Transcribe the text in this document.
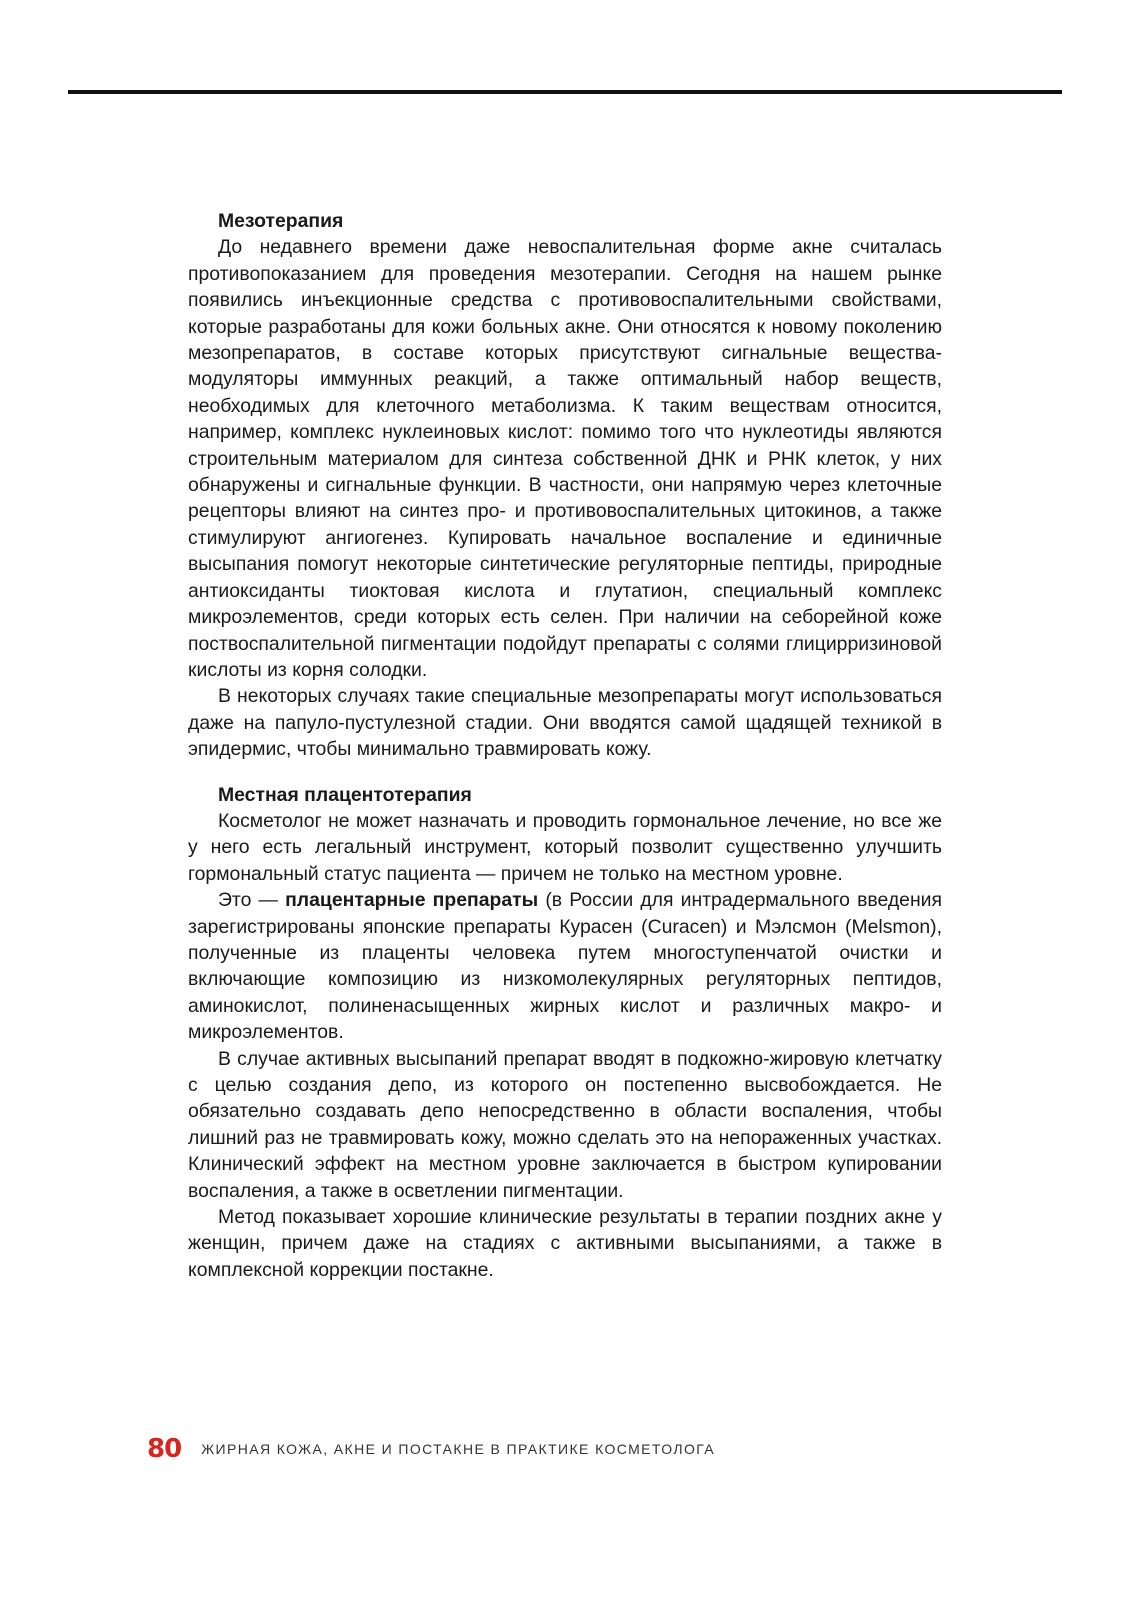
Мезотерапия

До недавнего времени даже невоспалительная форме акне считалась противопоказанием для проведения мезотерапии. Сегодня на нашем рынке появились инъекционные средства с противовоспалительными свойствами, которые разработаны для кожи больных акне. Они относятся к новому поколению мезопрепаратов, в составе которых присутствуют сигнальные вещества-модуляторы иммунных реакций, а также оптимальный набор веществ, необходимых для клеточного метаболизма. К таким веществам относится, например, комплекс нуклеиновых кислот: помимо того что нуклеотиды являются строительным материалом для синтеза собственной ДНК и РНК клеток, у них обнаружены и сигнальные функции. В частности, они напрямую через клеточные рецепторы влияют на синтез про- и противовоспалительных цитокинов, а также стимулируют ангиогенез. Купировать начальное воспаление и единичные высыпания помогут некоторые синтетические регуляторные пептиды, природные антиоксиданты тиоктовая кислота и глутатион, специальный комплекс микроэлементов, среди которых есть селен. При наличии на себорейной коже поствоспалительной пигментации подойдут препараты с солями глицирризиновой кислоты из корня солодки.

В некоторых случаях такие специальные мезопрепараты могут использоваться даже на папуло-пустулезной стадии. Они вводятся самой щадящей техникой в эпидермис, чтобы минимально травмировать кожу.

Местная плацентотерапия

Косметолог не может назначать и проводить гормональное лечение, но все же у него есть легальный инструмент, который позволит существенно улучшить гормональный статус пациента — причем не только на местном уровне.

Это — плацентарные препараты (в России для интрадермального введения зарегистрированы японские препараты Курасен (Curacen) и Мэлсмон (Melsmon), полученные из плаценты человека путем многоступенчатой очистки и включающие композицию из низкомолекулярных регуляторных пептидов, аминокислот, полиненасыщенных жирных кислот и различных макро- и микроэлементов.

В случае активных высыпаний препарат вводят в подкожно-жировую клетчатку с целью создания депо, из которого он постепенно высвобождается. Не обязательно создавать депо непосредственно в области воспаления, чтобы лишний раз не травмировать кожу, можно сделать это на непораженных участках. Клинический эффект на местном уровне заключается в быстром купировании воспаления, а также в осветлении пигментации.

Метод показывает хорошие клинические результаты в терапии поздних акне у женщин, причем даже на стадиях с активными высыпаниями, а также в комплексной коррекции постакне.

80 ЖИРНАЯ КОЖА, АКНЕ И ПОСТАКНЕ В ПРАКТИКЕ КОСМЕТОЛОГА
